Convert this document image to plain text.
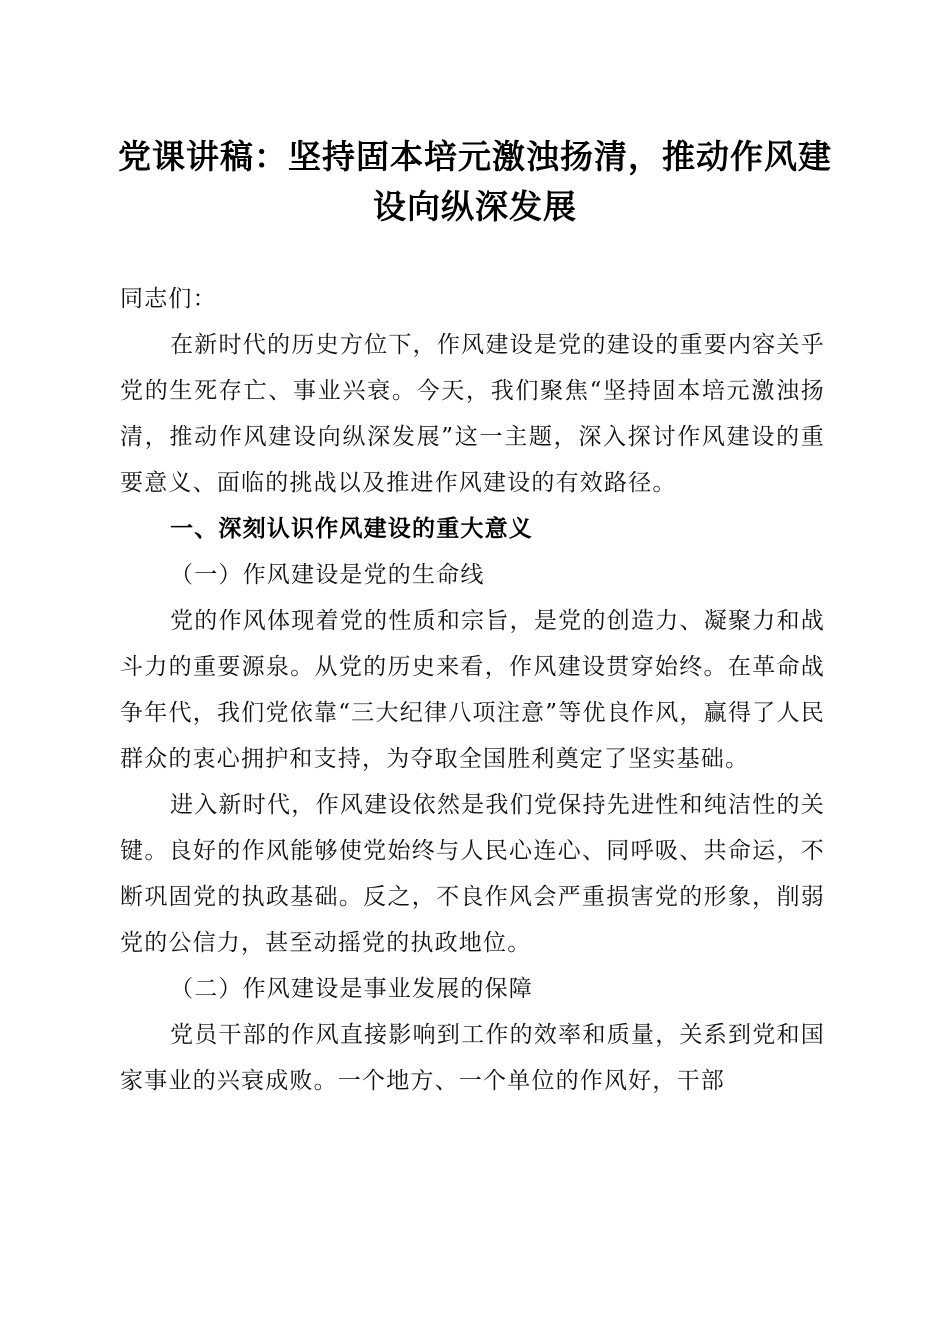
党课讲稿：坚持固本培元激浊扬清，推动作风建设向纵深发展

同志们：

在新时代的历史方位下，作风建设是党的建设的重要内容关乎党的生死存亡、事业兴衰。今天，我们聚焦“坚持固本培元激浊扬清，推动作风建设向纵深发展”这一主题，深入探讨作风建设的重要意义、面临的挑战以及推进作风建设的有效路径。

一、深刻认识作风建设的重大意义

（一）作风建设是党的生命线

党的作风体现着党的性质和宗旨，是党的创造力、凝聚力和战斗力的重要源泉。从党的历史来看，作风建设贯穿始终。在革命战争年代，我们党依靠“三大纪律八项注意”等优良作风，赢得了人民群众的衷心拥护和支持，为夺取全国胜利奠定了坚实基础。

进入新时代，作风建设依然是我们党保持先进性和纯洁性的关键。良好的作风能够使党始终与人民心连心、同呼吸、共命运，不断巩固党的执政基础。反之，不良作风会严重损害党的形象，削弱党的公信力，甚至动摇党的执政地位。

（二）作风建设是事业发展的保障

党员干部的作风直接影响到工作的效率和质量，关系到党和国家事业的兴衰成败。一个地方、一个单位的作风好，干部
